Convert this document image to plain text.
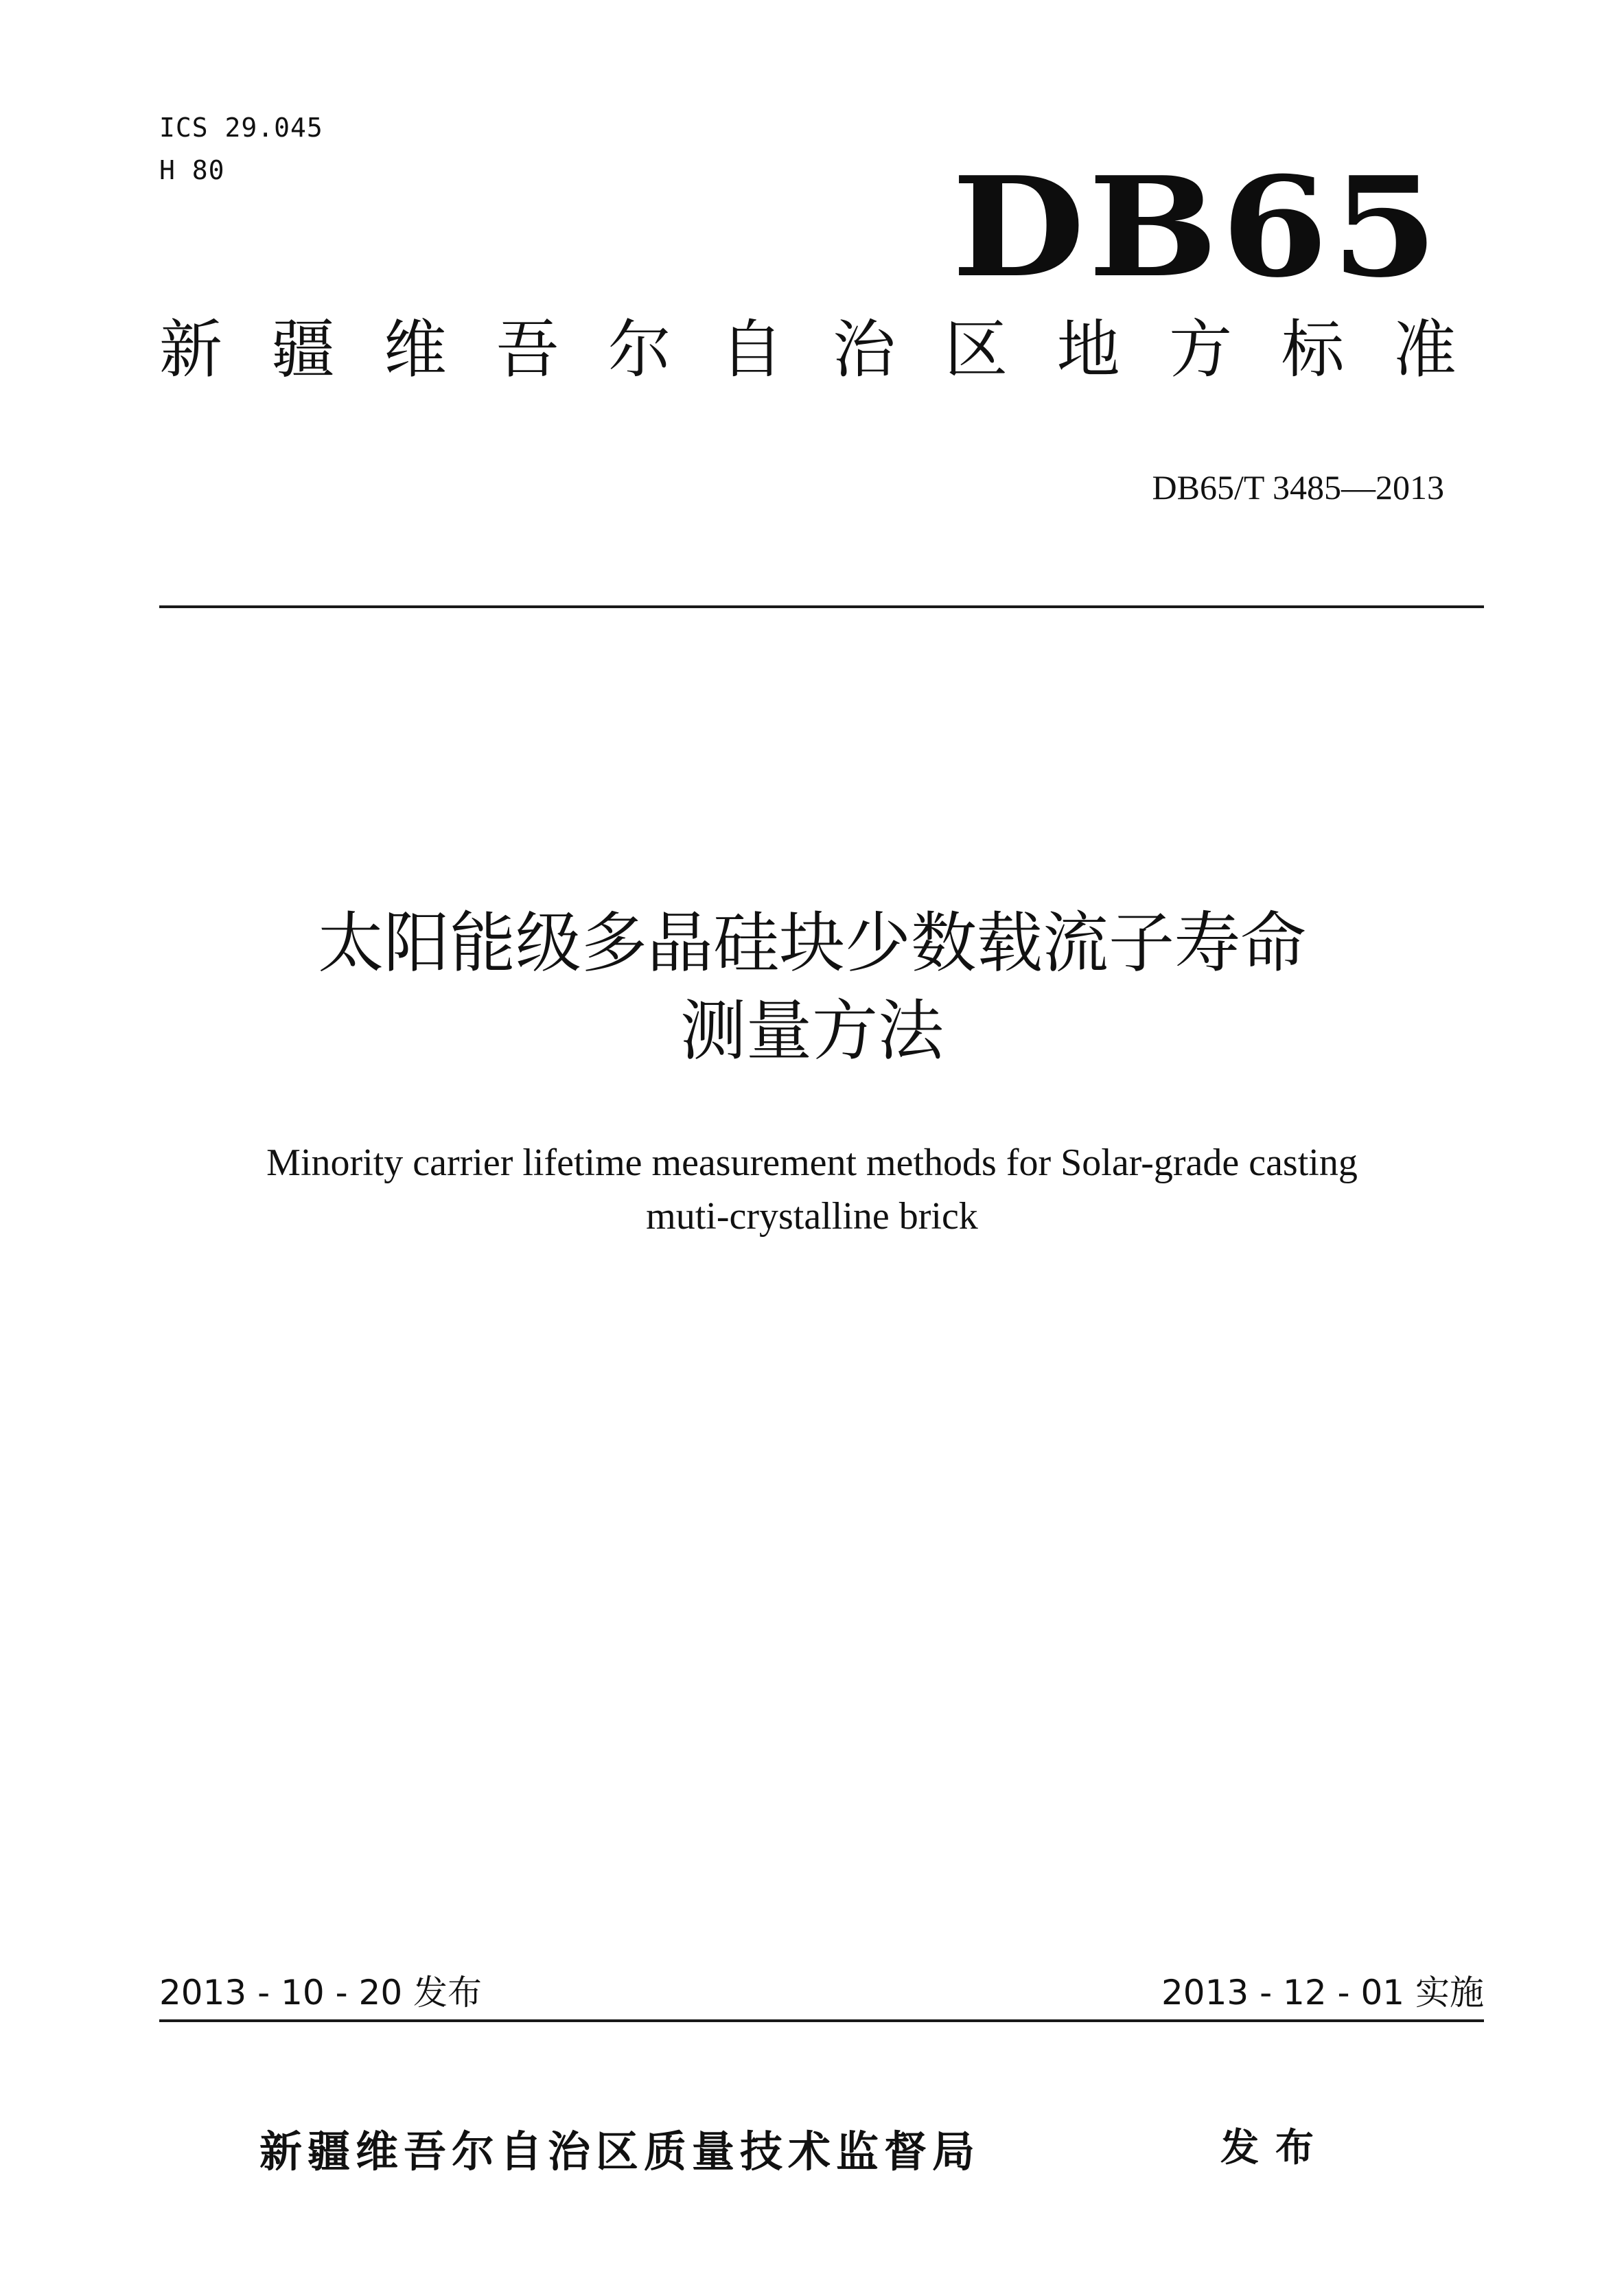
ICS 29.045
H 80	DB65
新 疆 维 吾 尔 自 治 区 地 方 标 准
DB65/T 3485—2013
太阳能级多晶硅块少数载流子寿命
测量方法
Minority carrier lifetime measurement methods for Solar-grade casting
muti-crystalline brick
2013 - 10 - 20 发布	2013 - 12 - 01 实施
新疆维吾尔自治区质量技术监督局	发布
